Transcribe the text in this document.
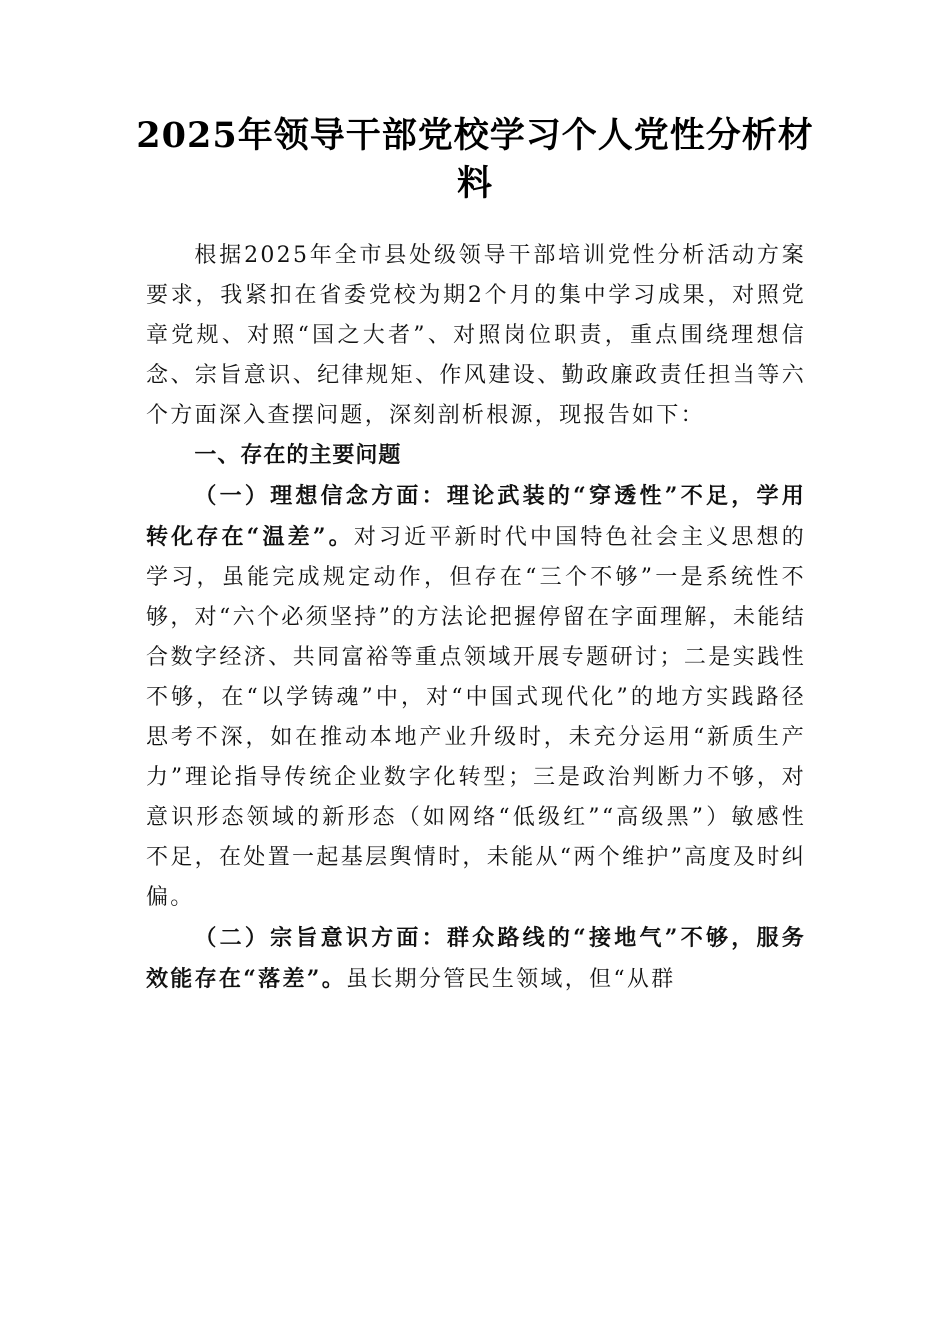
2025年领导干部党校学习个人党性分析材料

根据2025年全市县处级领导干部培训党性分析活动方案要求，我紧扣在省委党校为期2个月的集中学习成果，对照党章党规、对照“国之大者”、对照岗位职责，重点围绕理想信念、宗旨意识、纪律规矩、作风建设、勤政廉政责任担当等六个方面深入查摆问题，深刻剖析根源，现报告如下：

一、存在的主要问题

（一）理想信念方面：理论武装的“穿透性”不足，学用转化存在“温差”。对习近平新时代中国特色社会主义思想的学习，虽能完成规定动作，但存在“三个不够”一是系统性不够，对“六个必须坚持”的方法论把握停留在字面理解，未能结合数字经济、共同富裕等重点领域开展专题研讨；二是实践性不够，在“以学铸魂”中，对“中国式现代化”的地方实践路径思考不深，如在推动本地产业升级时，未充分运用“新质生产力”理论指导传统企业数字化转型；三是政治判断力不够，对意识形态领域的新形态（如网络“低级红”“高级黑”）敏感性不足，在处置一起基层舆情时，未能从“两个维护”高度及时纠偏。

（二）宗旨意识方面：群众路线的“接地气”不够，服务效能存在“落差”。虽长期分管民生领域，但“从群
